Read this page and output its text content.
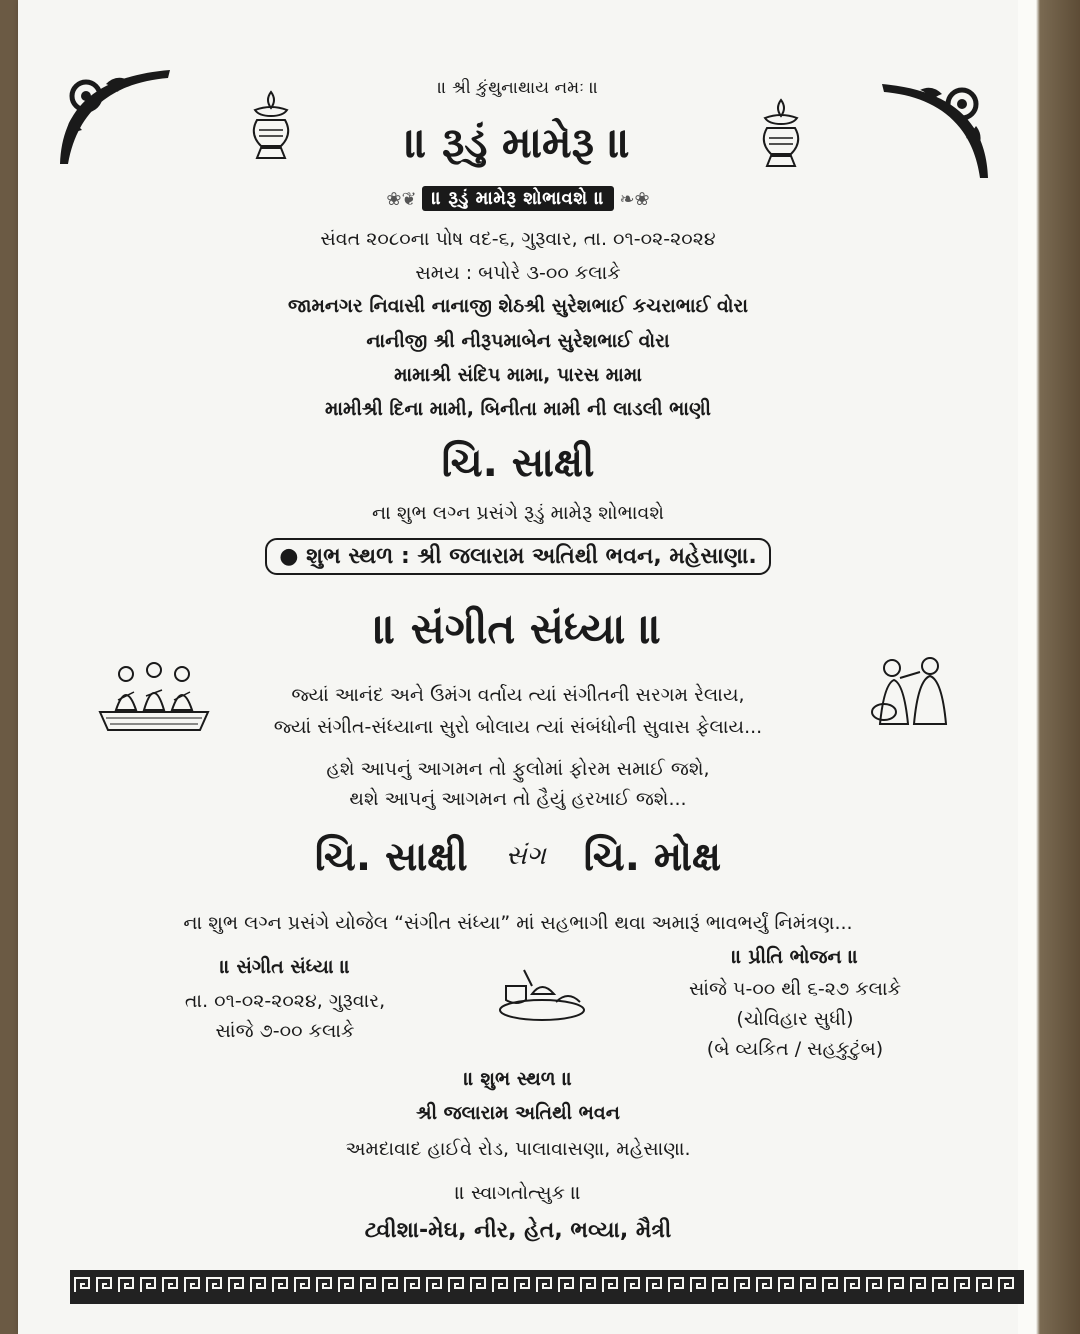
॥ શ્રી કુંથુનાથાય નમઃ ॥
॥ રૂડું મામેરૂ ॥
❀❦ ॥ રૂડું મામેરૂ શોભાવશે ॥ ❧❀
સંવત ૨૦૮૦ના પોષ વદ-૬, ગુરૂવાર, તા. ૦૧-૦૨-૨૦૨૪
સમય : બપોરે ૩-૦૦ કલાકે
જામનગર નિવાસી નાનાજી શેઠશ્રી સુરેશભાઈ કચરાભાઈ વોરા
નાનીજી શ્રી નીરૂપમાબેન સુરેશભાઈ વોરા
મામાશ્રી સંદિપ મામા, પારસ મામા
મામીશ્રી દિના મામી, બિનીતા મામી ની લાડલી ભાણી
ચિ. સાક્ષી
ના શુભ લગ્ન પ્રસંગે રૂડું મામેરૂ શોભાવશે
● શુભ સ્થળ : શ્રી જલારામ અતિથી ભવન, મહેસાણા.
॥ સંગીત સંધ્યા ॥
જ્યાં આનંદ અને ઉમંગ વર્તાય ત્યાં સંગીતની સરગમ રેલાય,
જ્યાં સંગીત-સંધ્યાના સુરો બોલાય ત્યાં સંબંધોની સુવાસ ફેલાય...
હશે આપનું આગમન તો ફુલોમાં ફોરમ સમાઈ જશે,
થશે આપનું આગમન તો હૈયું હરખાઈ જશે...
ચિ. સાક્ષી સંગ ચિ. મોક્ષ
ના શુભ લગ્ન પ્રસંગે યોજેલ “સંગીત સંધ્યા” માં સહભાગી થવા અમારૂં ભાવભર્યું નિમંત્રણ...
॥ સંગીત સંધ્યા ॥
તા. ૦૧-૦૨-૨૦૨૪, ગુરૂવાર,
સાંજે ૭-૦૦ કલાકે
॥ પ્રીતિ ભોજન ॥
સાંજે ૫-૦૦ થી ૬-૨૭ કલાકે
(ચોવિહાર સુધી)
(બે વ્યકિત / સહકુટુંબ)
॥ શુભ સ્થળ ॥
શ્રી જલારામ અતિથી ભવન
અમદાવાદ હાઈવે રોડ, પાલાવાસણા, મહેસાણા.
॥ સ્વાગતોત્સુક ॥
ટ્વીશા-મેઘ, નીર, હેત, ભવ્યા, મૈત્રી
